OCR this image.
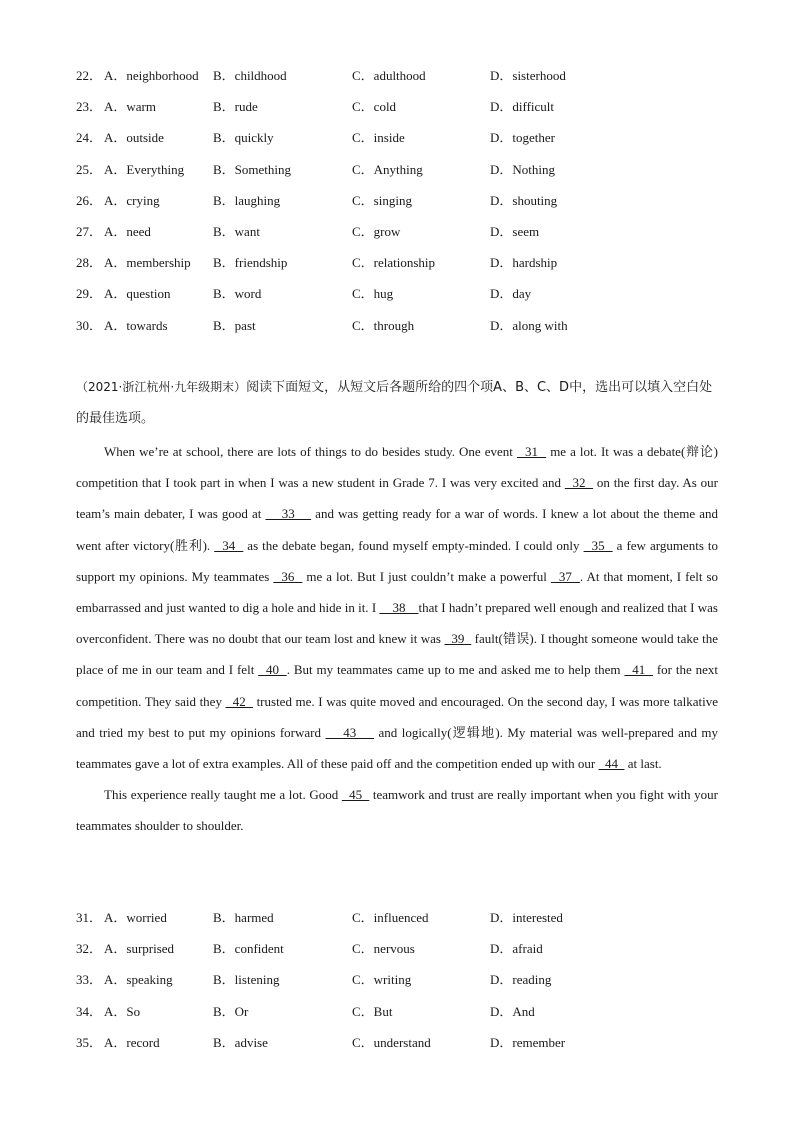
22． A．neighborhood B．childhood	C．adulthood	D．sisterhood
23． A．warm	B．rude	C．cold	D．difficult
24． A．outside	B．quickly	C．inside	D．together
25． A．Everything B．Something	C．Anything	D．Nothing
26． A．crying	B．laughing	C．singing	D．shouting
27． A．need	B．want	C．grow	D．seem
28． A．membership B．friendship	C．relationship	D．hardship
29． A．question	B．word	C．hug	D．day
30． A．towards	B．past	C．through	D．along with
（2021·浙江杭州·九年级期末）阅读下面短文，从短文后各题所给的四个项A、B、C、D中，选出可以填入空白处的最佳选项。

When we’re at school, there are lots of things to do besides study. One event   31   me a lot. It was a debate(辩论) competition that I took part in when I was a new student in Grade 7. I was very excited and   32   on the first day. As our team’s main debater, I was good at     33     and was getting ready for a war of words. I knew a lot about the theme and went after victory(胜利).   34   as the debate began, found myself empty-minded. I could only   35   a few arguments to support my opinions. My teammates   36   me a lot. But I just couldn’t make a powerful   37  . At that moment, I felt so embarrassed and just wanted to dig a hole and hide in it. I     38    that I hadn’t prepared well enough and realized that I was overconfident. There was no doubt that our team lost and knew it was   39   fault(错误). I thought someone would take the place of me in our team and I felt   40  . But my teammates came up to me and asked me to help them   41   for the next competition. They said they   42   trusted me. I was quite moved and encouraged. On the second day, I was more talkative and tried my best to put my opinions forward     43     and logically(逻辑地). My material was well-prepared and my teammates gave a lot of extra examples. All of these paid off and the competition ended up with our   44   at last.

This experience really taught me a lot. Good   45   teamwork and trust are really important when you fight with your teammates shoulder to shoulder.

31． A．worried	B．harmed	C．influenced	D．interested
32． A．surprised	B．confident	C．nervous	D．afraid
33． A．speaking	B．listening	C．writing	D．reading
34． A．So	B．Or	C．But	D．And
35． A．record	B．advise	C．understand	D．remember
